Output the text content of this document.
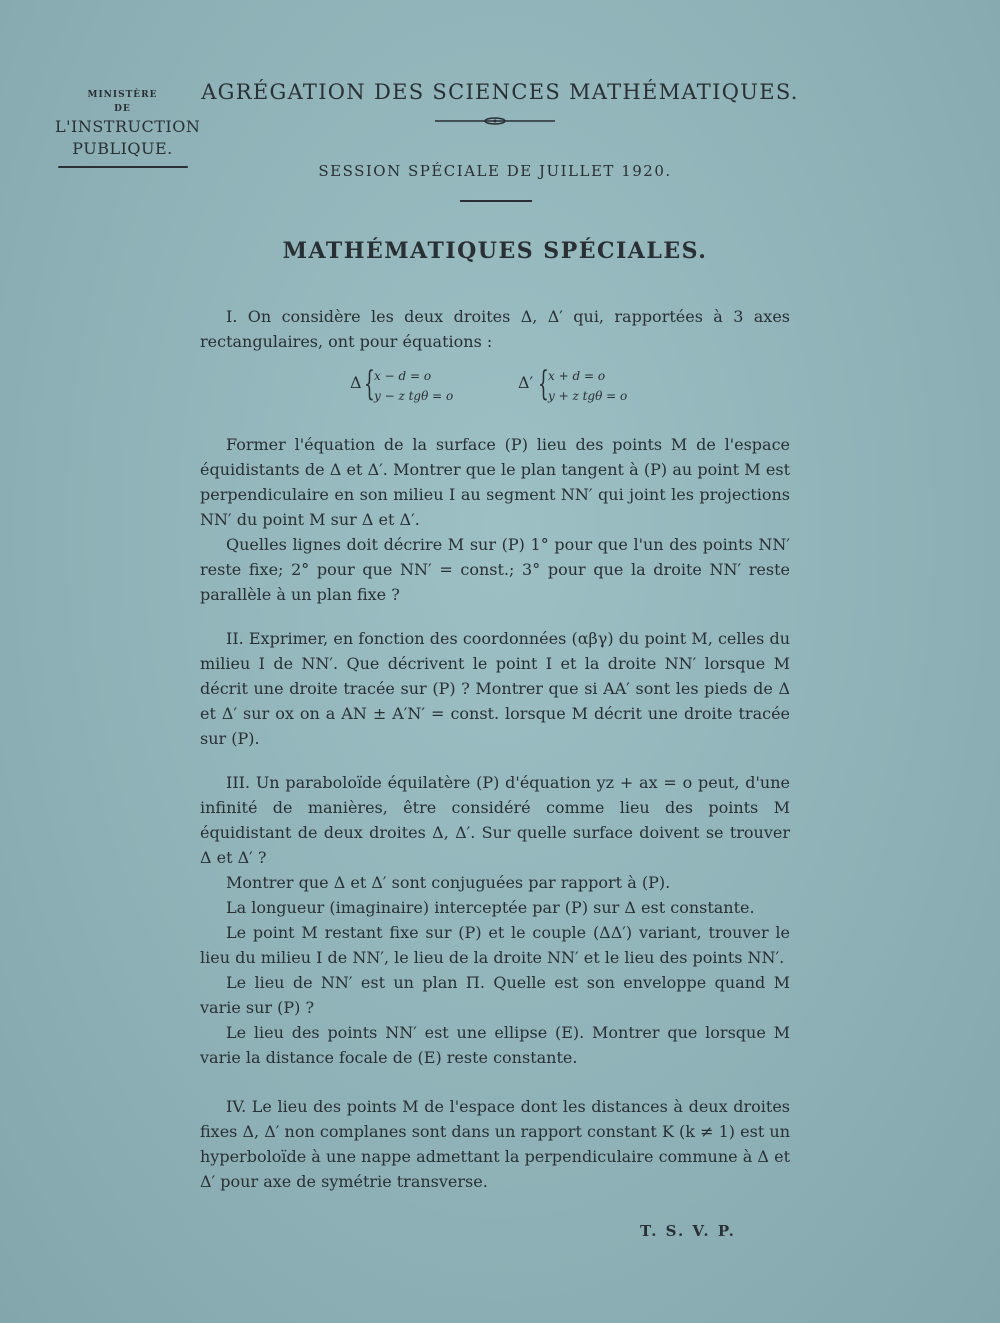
MINISTÈRE
DE
L'INSTRUCTION
PUBLIQUE.
AGRÉGATION DES SCIENCES MATHÉMATIQUES.
SESSION SPÉCIALE DE JUILLET 1920.
MATHÉMATIQUES SPÉCIALES.

I. On considère les deux droites Δ, Δ′ qui, rapportées à 3 axes rectangulaires, ont pour équations :

Δ { x − d = o
y − z tgθ = o
Δ′ { x + d = o
y + z tgθ = o

Former l'équation de la surface (P) lieu des points M de l'espace équidistants de Δ et Δ′. Montrer que le plan tangent à (P) au point M est perpendiculaire en son milieu I au segment NN′ qui joint les projections NN′ du point M sur Δ et Δ′.

Quelles lignes doit décrire M sur (P) 1° pour que l'un des points NN′ reste fixe; 2° pour que NN′ = const.; 3° pour que la droite NN′ reste parallèle à un plan fixe ?

II. Exprimer, en fonction des coordonnées (αβγ) du point M, celles du milieu I de NN′. Que décrivent le point I et la droite NN′ lorsque M décrit une droite tracée sur (P) ? Montrer que si AA′ sont les pieds de Δ et Δ′ sur ox on a AN ± A′N′ = const. lorsque M décrit une droite tracée sur (P).

III. Un paraboloïde équilatère (P) d'équation yz + ax = o peut, d'une infinité de manières, être considéré comme lieu des points M équidistant de deux droites Δ, Δ′. Sur quelle surface doivent se trouver Δ et Δ′ ?

Montrer que Δ et Δ′ sont conjuguées par rapport à (P).

La longueur (imaginaire) interceptée par (P) sur Δ est constante.

Le point M restant fixe sur (P) et le couple (ΔΔ′) variant, trouver le lieu du milieu I de NN′, le lieu de la droite NN′ et le lieu des points NN′.

Le lieu de NN′ est un plan Π. Quelle est son enveloppe quand M varie sur (P) ?

Le lieu des points NN′ est une ellipse (E). Montrer que lorsque M varie la distance focale de (E) reste constante.

IV. Le lieu des points M de l'espace dont les distances à deux droites fixes Δ, Δ′ non complanes sont dans un rapport constant K (k ≠ 1) est un hyperboloïde à une nappe admettant la perpendiculaire commune à Δ et Δ′ pour axe de symétrie transverse.

T. S. V. P.
